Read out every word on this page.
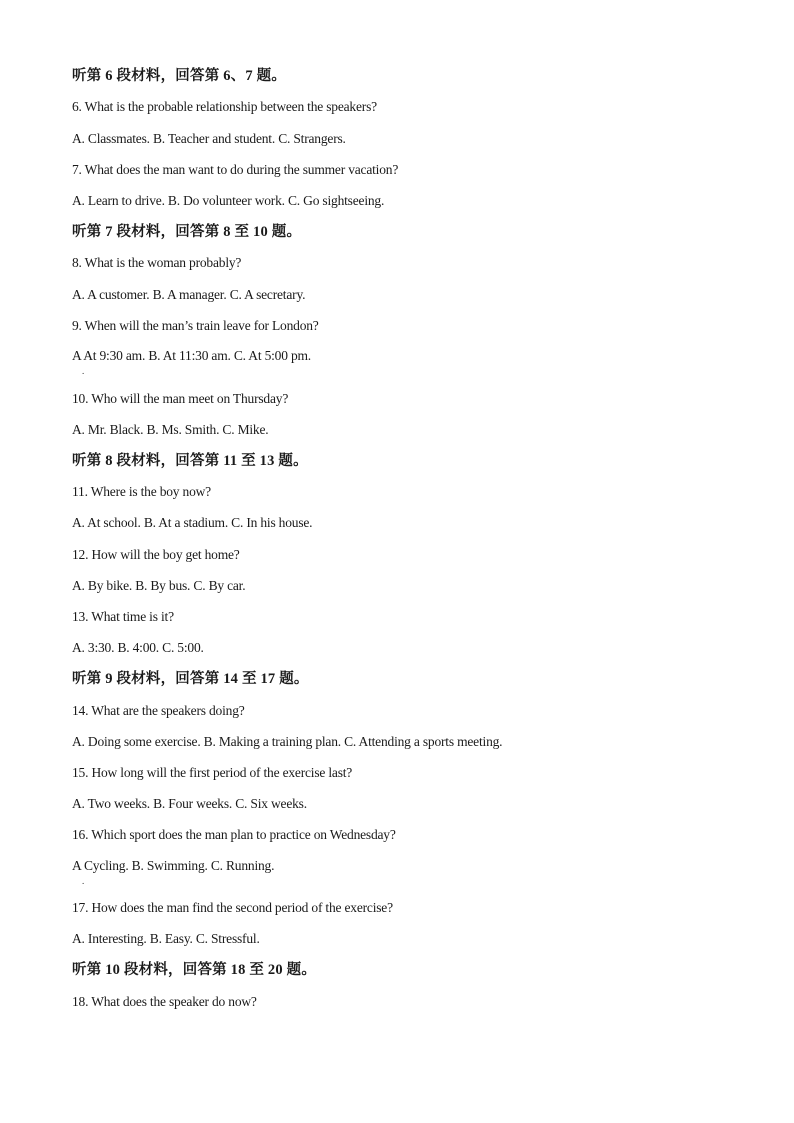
听第 6 段材料，回答第 6、7 题。
6. What is the probable relationship between the speakers?
A. Classmates. B. Teacher and student. C. Strangers.
7. What does the man want to do during the summer vacation?
A. Learn to drive. B. Do volunteer work. C. Go sightseeing.
听第 7 段材料，回答第 8 至 10 题。
8. What is the woman probably?
A. A customer. B. A manager. C. A secretary.
9. When will the man’s train leave for London?
A At 9:30 am. B. At 11:30 am. C. At 5:00 pm.
.
10. Who will the man meet on Thursday?
A. Mr. Black. B. Ms. Smith. C. Mike.
听第 8 段材料，回答第 11 至 13 题。
11. Where is the boy now?
A. At school. B. At a stadium. C. In his house.
12. How will the boy get home?
A. By bike. B. By bus. C. By car.
13. What time is it?
A. 3:30. B. 4:00. C. 5:00.
听第 9 段材料，回答第 14 至 17 题。
14. What are the speakers doing?
A. Doing some exercise. B. Making a training plan. C. Attending a sports meeting.
15. How long will the first period of the exercise last?
A. Two weeks. B. Four weeks. C. Six weeks.
16. Which sport does the man plan to practice on Wednesday?
A Cycling. B. Swimming. C. Running.
.
17. How does the man find the second period of the exercise?
A. Interesting. B. Easy. C. Stressful.
听第 10 段材料，回答第 18 至 20 题。
18. What does the speaker do now?
